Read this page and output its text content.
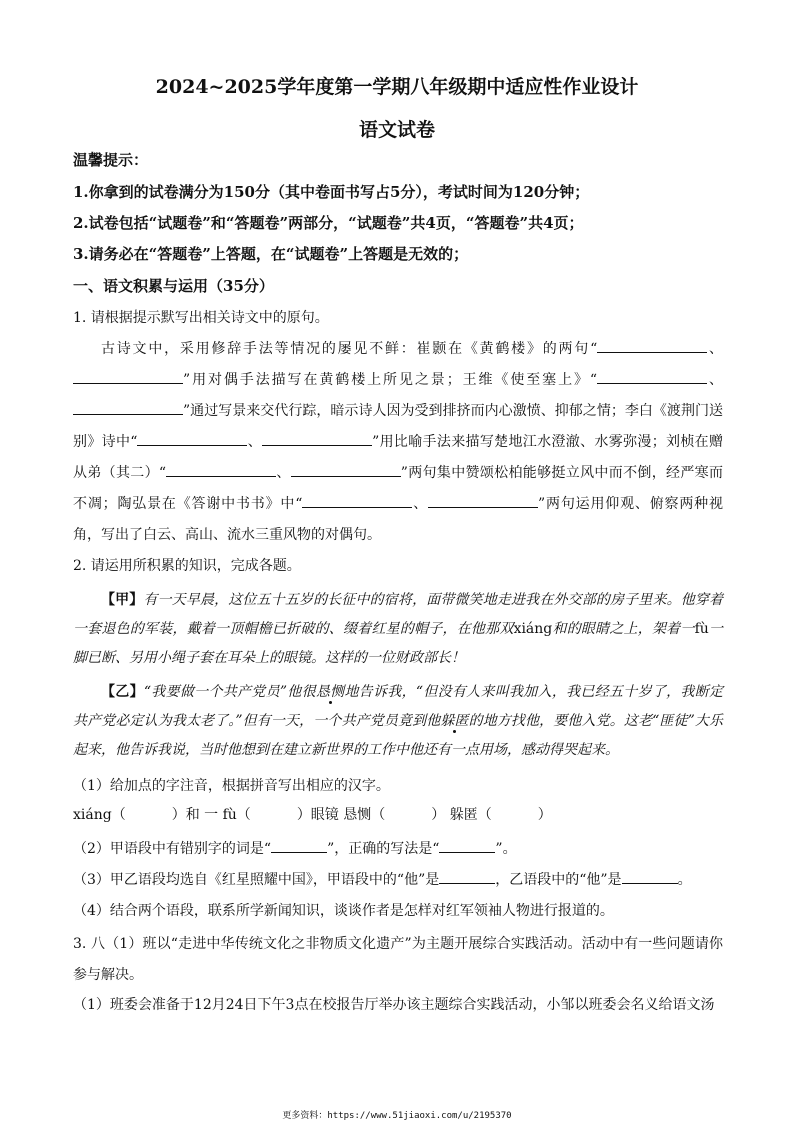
2024~2025学年度第一学期八年级期中适应性作业设计
语文试卷
温馨提示：
1.你拿到的试卷满分为150分（其中卷面书写占5分），考试时间为120分钟；
2.试卷包括“试题卷”和“答题卷”两部分，“试题卷”共4页，“答题卷”共4页；
3.请务必在“答题卷”上答题，在“试题卷”上答题是无效的；
一、语文积累与运用（35分）
1. 请根据提示默写出相关诗文中的原句。

古诗文中，采用修辞手法等情况的屡见不鲜：崔颢在《黄鹤楼》的两句“	、”用对偶手法描写在黄鹤楼上所见之景；王维《使至塞上》“	、”通过写景来交代行踪，暗示诗人因为受到排挤而内心激愤、抑郁之情；李白《渡荆门送别》诗中“	、	”用比喻手法来描写楚地江水澄澈、水雾弥漫；刘桢在赠从弟（其二）“	、	”两句集中赞颂松柏能够挺立风中而不倒，经严寒而不凋；陶弘景在《答谢中书书》中“	、	”两句运用仰观、俯察两种视角，写出了白云、高山、流水三重风物的对偶句。

2. 请运用所积累的知识，完成各题。

【甲】有一天早晨，这位五十五岁的长征中的宿将，面带微笑地走进我在外交部的房子里来。他穿着一套退色的军装，戴着一顶帽檐已折破的、缀着红星的帽子，在他那双xiáng和的眼睛之上，架着一fù一脚已断、另用小绳子套在耳朵上的眼镜。这样的一位财政部长！

【乙】“我要做一个共产党员”他很恳恻地告诉我，“但没有人来叫我加入，我已经五十岁了，我断定共产党必定认为我太老了。”但有一天，一个共产党员竟到他躲匿的地方找他，要他入党。这老“匪徒”大乐起来，他告诉我说，当时他想到在建立新世界的工作中他还有一点用场，感动得哭起来。

（1）给加点的字注音，根据拼音写出相应的汉字。
xiáng（	）和 一 fù（	）眼镜 恳恻（	） 躲匿（	）
（2）甲语段中有错别字的词是“	”，正确的写法是“	”。
（3）甲乙语段均选自《红星照耀中国》，甲语段中的“他”是	，乙语段中的“他”是	。
（4）结合两个语段，联系所学新闻知识，谈谈作者是怎样对红军领袖人物进行报道的。
3. 八（1）班以“走进中华传统文化之非物质文化遗产”为主题开展综合实践活动。活动中有一些问题请你参与解决。
（1）班委会准备于12月24日下午3点在校报告厅举办该主题综合实践活动，小邹以班委会名义给语文汤
更多资料：https://www.51jiaoxi.com/u/2195370
